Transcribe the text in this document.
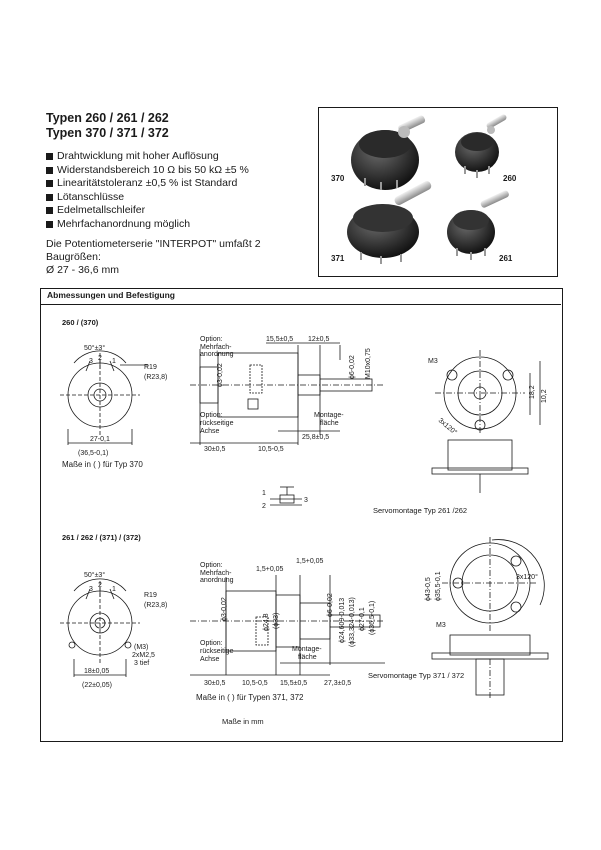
Typen 260 / 261 / 262
Typen 370 / 371 / 372
Drahtwicklung mit hoher Auflösung
Widerstandsbereich 10 Ω bis 50 kΩ ±5 %
Linearitätstoleranz ±0,5 % ist Standard
Lötanschlüsse
Edelmetallschleifer
Mehrfachanordnung möglich
Die Potentiometerserie "INTERPOT" umfaßt 2 Baugrößen:
Ø 27 - 36,6 mm
370	260
371	261
Abmessungen und Befestigung
260 / (370)
50°±3°
3 2 1
R19
(R23,8)
27-0,1
(36,5-0,1)
Option:
Mehrfach-
anordnung
15,5±0,5 12±0,5
Option:
rückseitige
Achse
30±0,5	10,5-0,5
25,8±0,5
Montage-
fläche
ϕ3-0,02	ϕ6-0,02 M10x0,75	M3
18,2 10,2
3x120°
1
3
2
50°±3°
3
2
1
R19
(R23,8)
(M3)
2xM2,5
3 tief
18±0,05
(22±0,05)
Option:
Mehrfach-
anordnung
1,5+0,05
1,5+0,05
Option:
rückseitige
Achse
30±0,5 10,5-0,5 15,5±0,5 27,3±0,5
Montage-
fläche
ϕ3-0,02
ϕ24,8 (ϕ33)
ϕ6-0,02 ϕ24,609-0,013 (ϕ33,324-0,013) ϕ27-0,1 (ϕ36,5-0,1)
ϕ43-0,5 ϕ35,5-0,1	3x120°
M3
Maße in ( ) für Typ 370
Servomontage Typ 261 /262
261 / 262 / (371) / (372)
Maße in ( ) für Typen 371, 372
Servomontage Typ 371 / 372
Maße in mm
